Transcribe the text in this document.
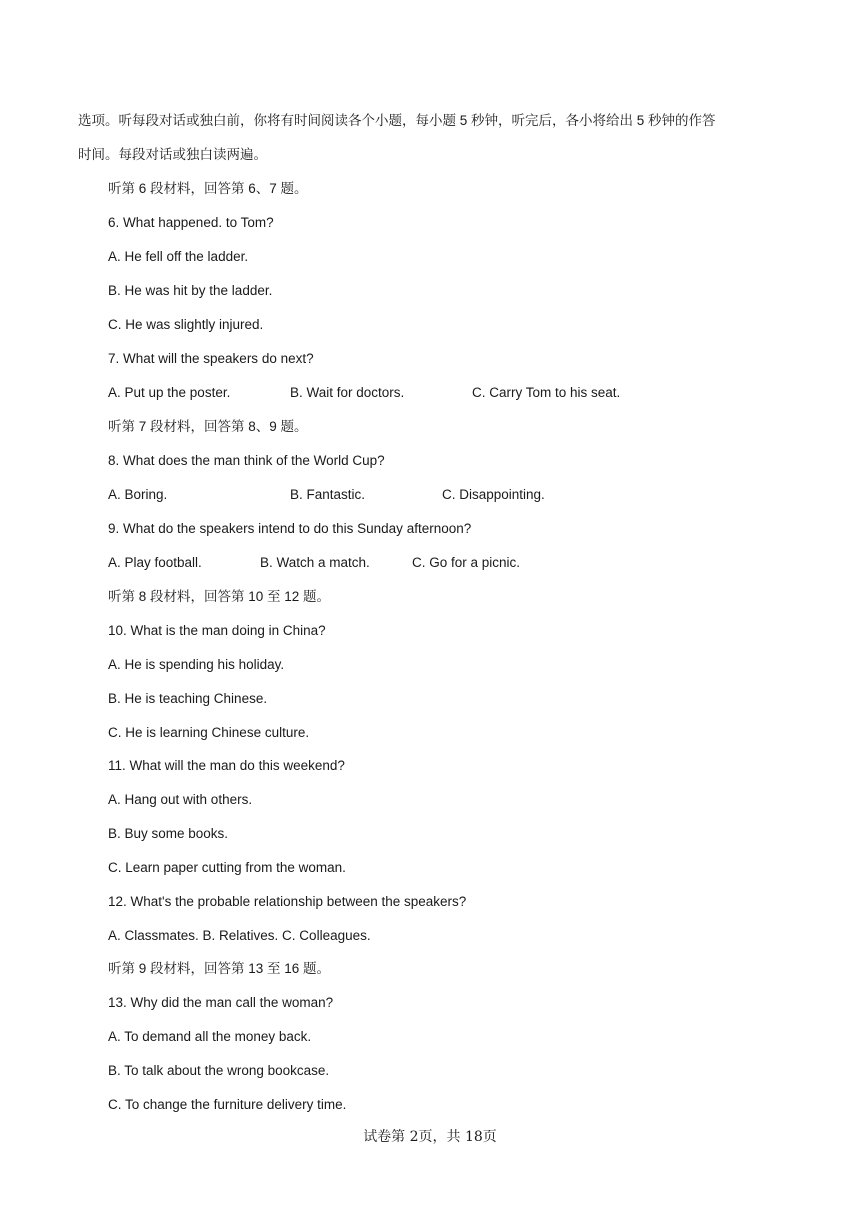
选项。听每段对话或独白前，你将有时间阅读各个小题，每小题 5 秒钟，听完后，各小将给出 5 秒钟的作答
时间。每段对话或独白读两遍。
听第 6 段材料，回答第 6、7 题。
6. What happened. to Tom?
A. He fell off the ladder.
B. He was hit by the ladder.
C. He was slightly injured.
7. What will the speakers do next?
A. Put up the poster.	B. Wait for doctors.	C. Carry Tom to his seat.
听第 7 段材料，回答第 8、9 题。
8. What does the man think of the World Cup?
A. Boring.	B. Fantastic.	C. Disappointing.
9. What do the speakers intend to do this Sunday afternoon?
A. Play football.	B. Watch a match.	C. Go for a picnic.
听第 8 段材料，回答第 10 至 12 题。
10. What is the man doing in China?
A. He is spending his holiday.
B. He is teaching Chinese.
C. He is learning Chinese culture.
11. What will the man do this weekend?
A. Hang out with others.
B. Buy some books.
C. Learn paper cutting from the woman.
12. What's the probable relationship between the speakers?
A. Classmates. B. Relatives. C. Colleagues.
听第 9 段材料，回答第 13 至 16 题。
13. Why did the man call the woman?
A. To demand all the money back.
B. To talk about the wrong bookcase.
C. To change the furniture delivery time.
试卷第 2页，共 18页
